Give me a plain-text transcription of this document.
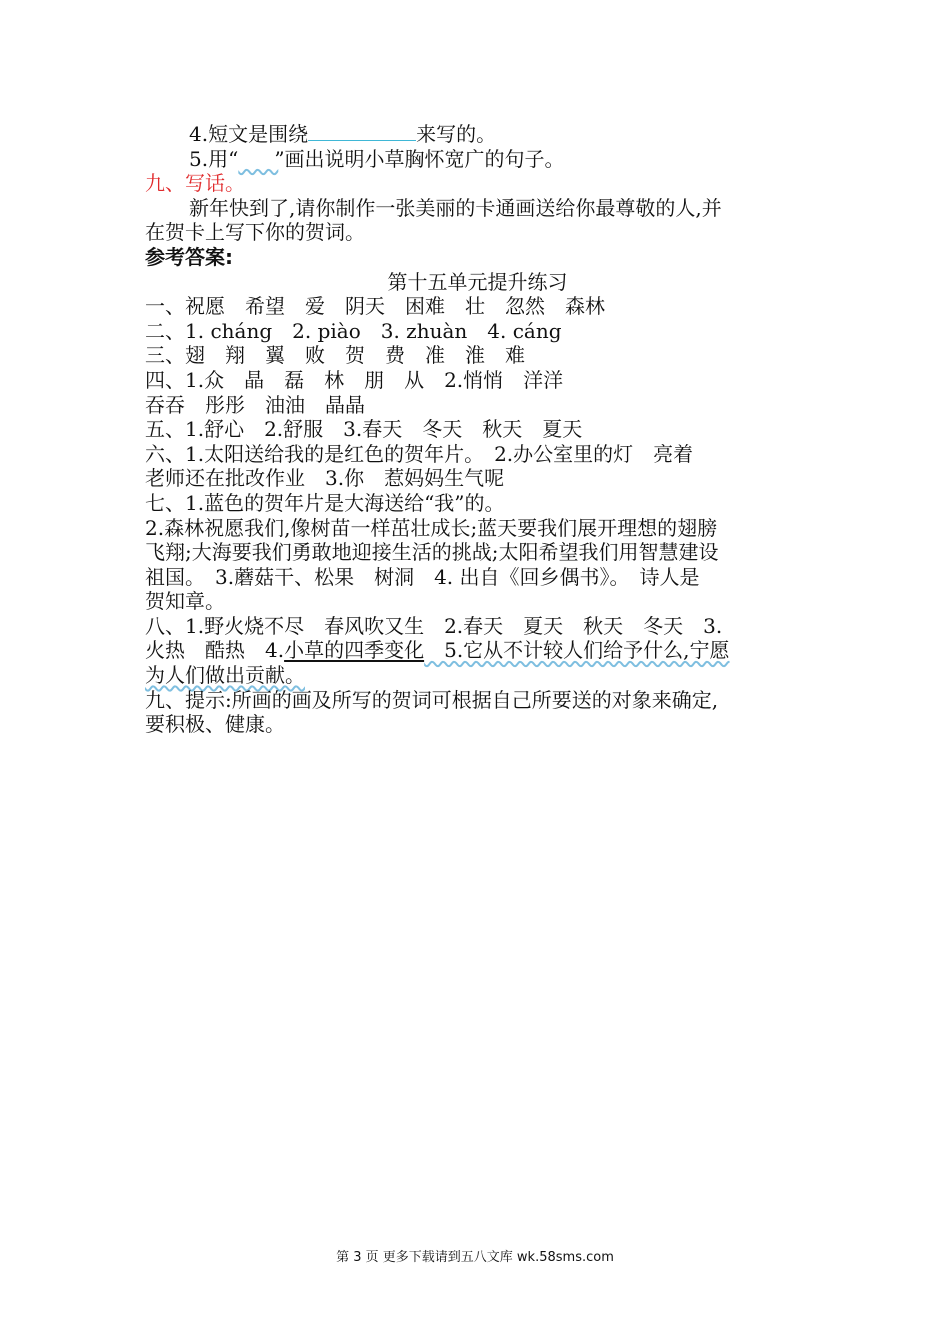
4.短文是围绕	来写的。
5.用“​　　”画出说明小草胸怀宽广的句子。
九、写话。
新年快到了,请你制作一张美丽的卡通画送给你最尊敬的人,并
在贺卡上写下你的贺词。
参考答案:
第十五单元提升练习
一、祝愿　希望　爱　阴天　困难　壮　忽然　森林
二、1. cháng　2. piào　3. zhuàn　4. cáng
三、翅　翔　翼　败　贺　费　准　淮　难
四、1.众　晶　磊　林　朋　从　2.悄悄　洋洋
吞吞　彤彤　油油　晶晶
五、1.舒心　2.舒服　3.春天　冬天　秋天　夏天
六、1.太阳送给我的是红色的贺年片。　2.办公室里的灯　亮着
老师还在批改作业　3.你　惹妈妈生气呢
七、1.蓝色的贺年片是大海送给“我”的。
2.森林祝愿我们,像树苗一样茁壮成长;蓝天要我们展开理想的翅膀
飞翔;大海要我们勇敢地迎接生活的挑战;太阳希望我们用智慧建设
祖国。　3.蘑菇干、松果　树洞　4. 出自《回乡偶书》。　诗人是
贺知章。
八、1.野火烧不尽　春风吹又生　2.春天　夏天　秋天　冬天　3.
火热　酷热　4.小草的四季变化　5.它从不计较人们给予什么,宁愿
为人们做出贡献。
九、提示:所画的画及所写的贺词可根据自己所要送的对象来确定,
要积极、健康。
第 3 页 更多下载请到五八文库 wk.58sms.com
